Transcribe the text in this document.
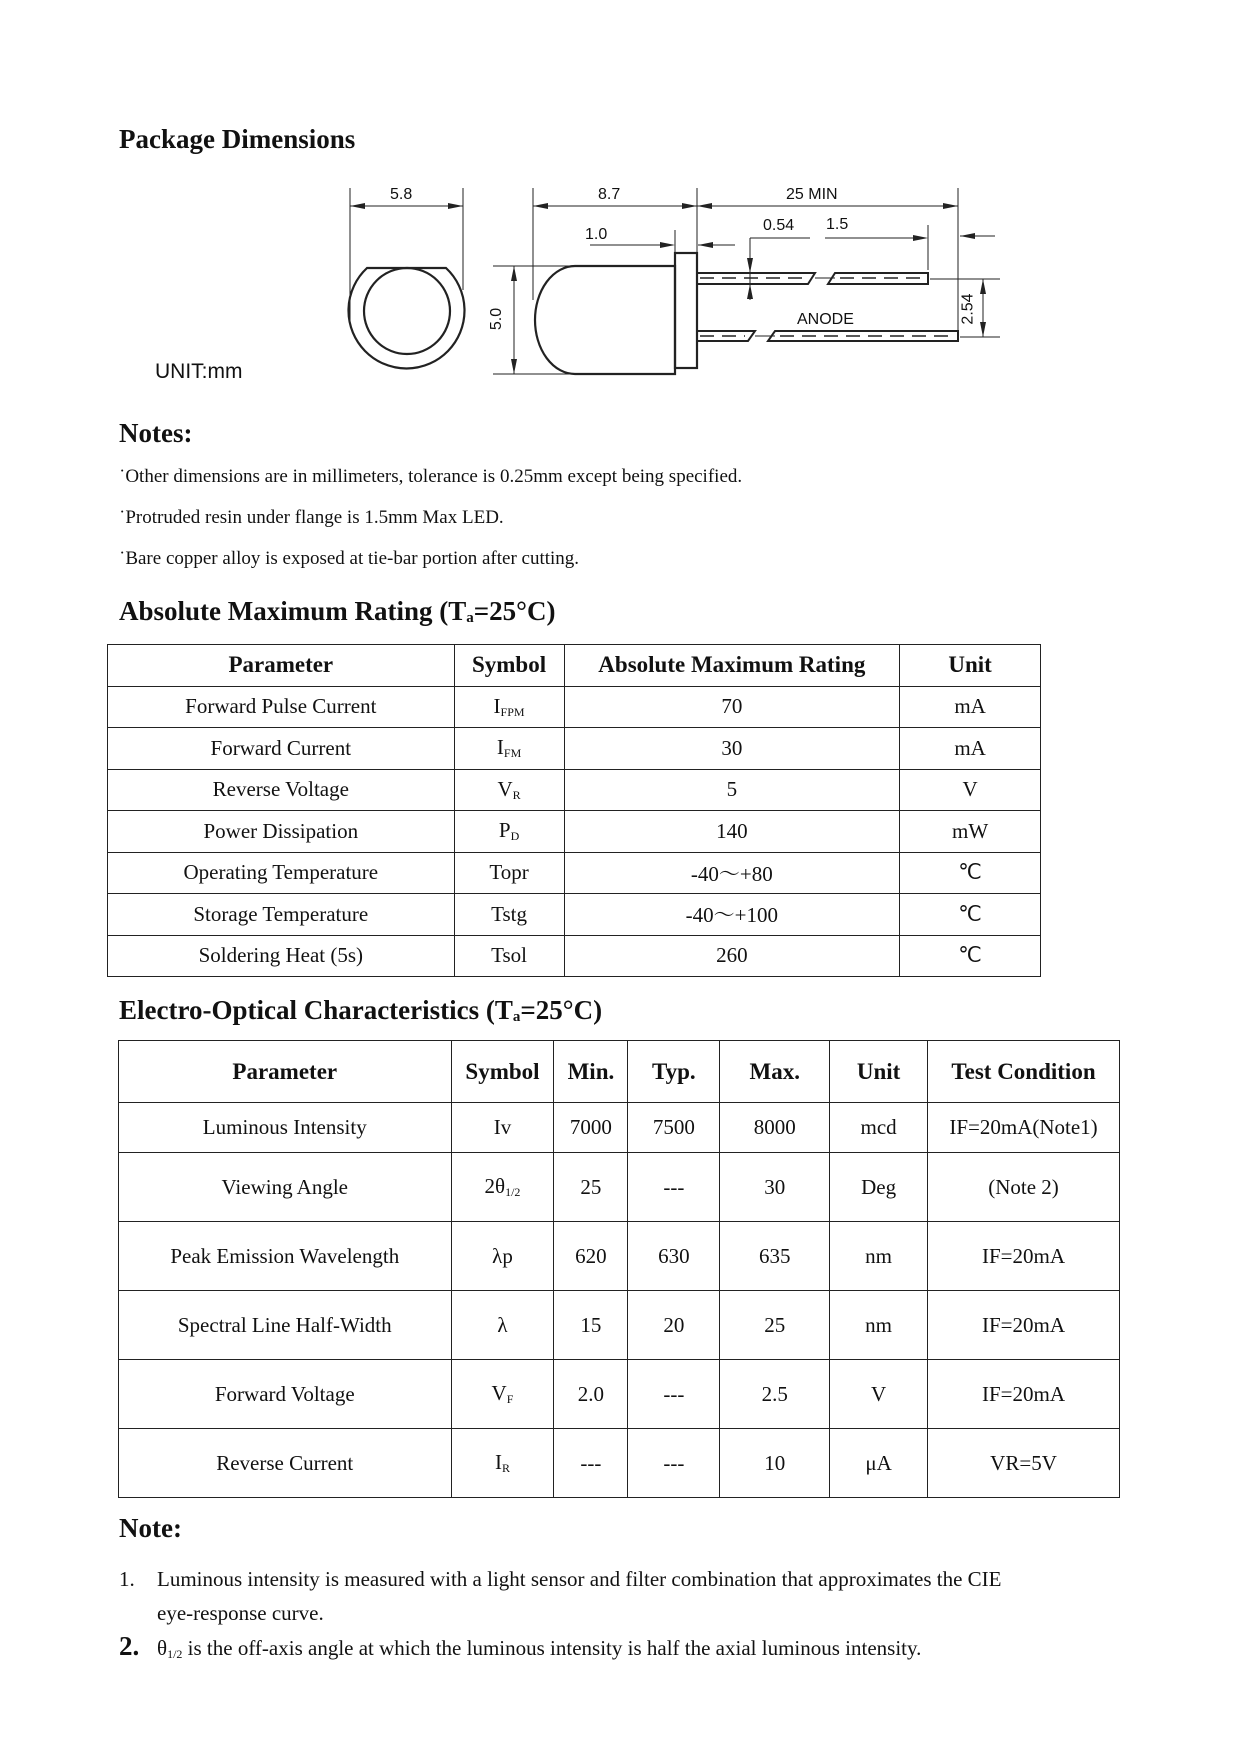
Package Dimensions
5.8	8.7	25 MIN
1.0
0.54 1.5
5.0	2.54
ANODE
UNIT:mm
Notes:
˙Other dimensions are in millimeters, tolerance is 0.25mm except being specified.
˙Protruded resin under flange is 1.5mm Max LED.
˙Bare copper alloy is exposed at tie-bar portion after cutting.
Absolute Maximum Rating (Ta=25°C)
Parameter	Symbol	Absolute Maximum Rating	Unit
Forward Pulse Current	IFPM	70	mA
Forward Current	IFM	30	mA
Reverse Voltage	VR	5	V
Power Dissipation	PD	140	mW
Operating Temperature	Topr	-40～+80	℃
Storage Temperature	Tstg	-40～+100	℃
Soldering Heat (5s)	Tsol	260	℃
Electro-Optical Characteristics (Ta=25°C)
Parameter	Symbol	Min.	Typ.	Max.	Unit	Test Condition
Luminous Intensity	Iv	7000	7500	8000	mcd	IF=20mA(Note1)
Viewing Angle	2θ1/2	25	---	30	Deg	(Note 2)
Peak Emission Wavelength	λp	620	630	635	nm	IF=20mA
Spectral Line Half-Width	λ	15	20	25	nm	IF=20mA
Forward Voltage	VF	2.0	---	2.5	V	IF=20mA
Reverse Current	IR	---	---	10	μA	VR=5V
Note:
1. Luminous intensity is measured with a light sensor and filter combination that approximates the CIE
eye-response curve.
2. θ1/2 is the off-axis angle at which the luminous intensity is half the axial luminous intensity.
